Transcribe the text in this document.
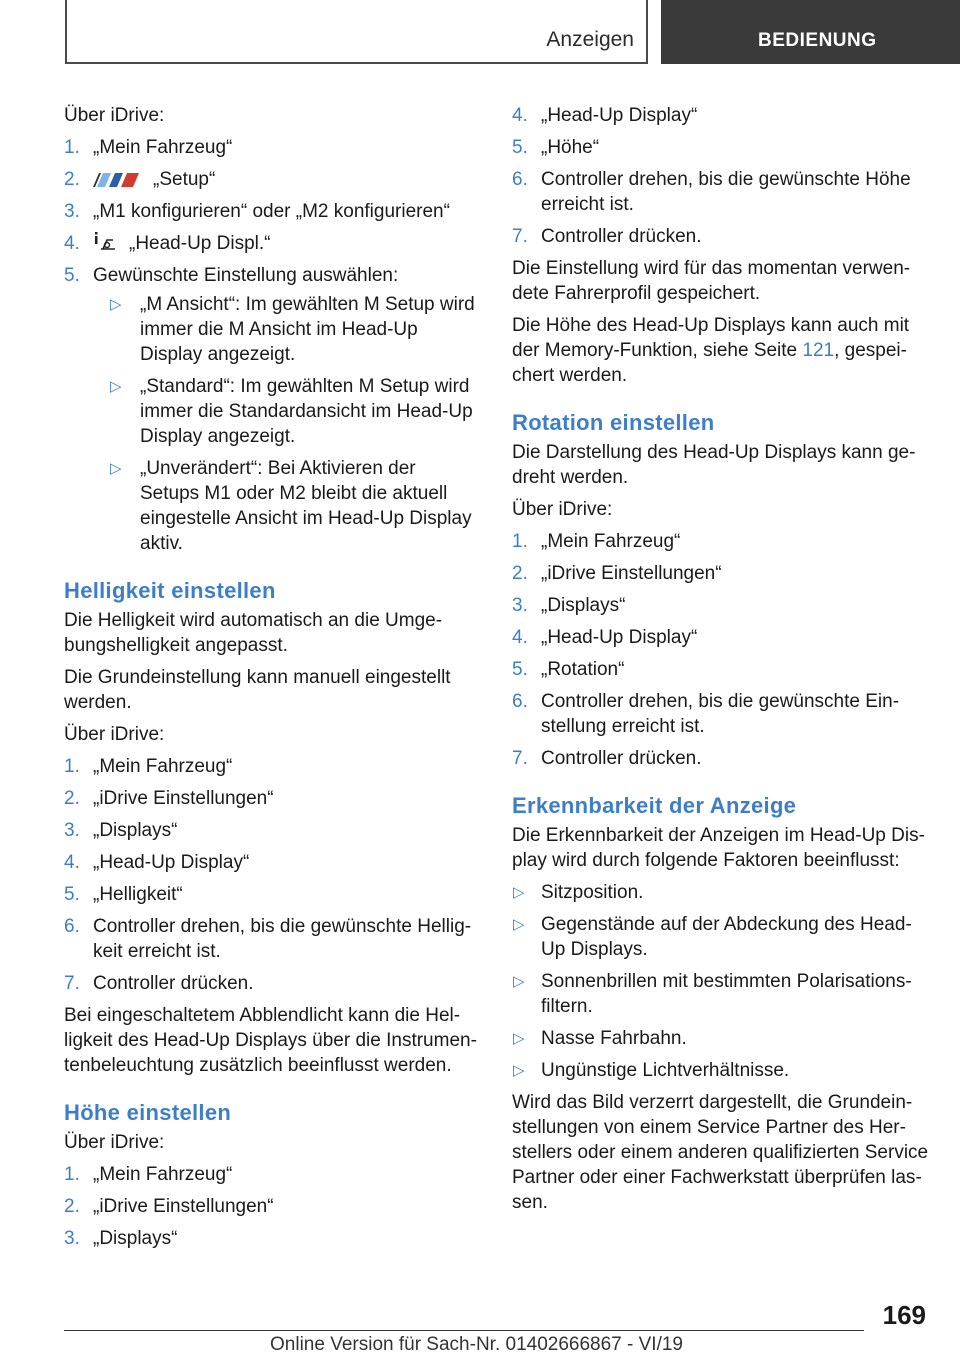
Anzeigen	BEDIENUNG

Über iDrive:

1. „Mein Fahrzeug“
2.	„Setup“
3. „M1 konfigurieren“ oder „M2 konfigurieren“
4.	„Head-Up Displ.“
5. Gewünschte Einstellung auswählen:
▷ „M Ansicht“: Im gewählten M Setup wird immer die M Ansicht im Head-Up Display angezeigt.
▷ „Standard“: Im gewählten M Setup wird immer die Standardansicht im Head-Up Display angezeigt.
▷ „Unverändert“: Bei Aktivieren der Setups M1 oder M2 bleibt die aktuell eingestelle Ansicht im Head-Up Display aktiv.
Helligkeit einstellen

Die Helligkeit wird automatisch an die Umgebungshelligkeit angepasst.

Die Grundeinstellung kann manuell eingestellt werden.

Über iDrive:

1. „Mein Fahrzeug“
2. „iDrive Einstellungen“
3. „Displays“
4. „Head-Up Display“
5. „Helligkeit“
6. Controller drehen, bis die gewünschte Helligkeit erreicht ist.
7. Controller drücken.

Bei eingeschaltetem Abblendlicht kann die Helligkeit des Head-Up Displays über die Instrumentenbeleuchtung zusätzlich beeinflusst werden.

Höhe einstellen

Über iDrive:

1. „Mein Fahrzeug“
2. „iDrive Einstellungen“
3. „Displays“
4. „Head-Up Display“
5. „Höhe“
6. Controller drehen, bis die gewünschte Höhe erreicht ist.
7. Controller drücken.

Die Einstellung wird für das momentan verwendete Fahrerprofil gespeichert.

Die Höhe des Head-Up Displays kann auch mit der Memory-Funktion, siehe Seite 121, gespeichert werden.

Rotation einstellen

Die Darstellung des Head-Up Displays kann gedreht werden.

Über iDrive:

1. „Mein Fahrzeug“
2. „iDrive Einstellungen“
3. „Displays“
4. „Head-Up Display“
5. „Rotation“
6. Controller drehen, bis die gewünschte Einstellung erreicht ist.
7. Controller drücken.
Erkennbarkeit der Anzeige

Die Erkennbarkeit der Anzeigen im Head-Up Display wird durch folgende Faktoren beeinflusst:

▷ Sitzposition.
▷ Gegenstände auf der Abdeckung des Head-Up Displays.
▷ Sonnenbrillen mit bestimmten Polarisationsfiltern.
▷ Nasse Fahrbahn.
▷ Ungünstige Lichtverhältnisse.

Wird das Bild verzerrt dargestellt, die Grundeinstellungen von einem Service Partner des Herstellers oder einem anderen qualifizierten Service Partner oder einer Fachwerkstatt überprüfen lassen.

169
Online Version für Sach-Nr. 01402666867 - VI/19
